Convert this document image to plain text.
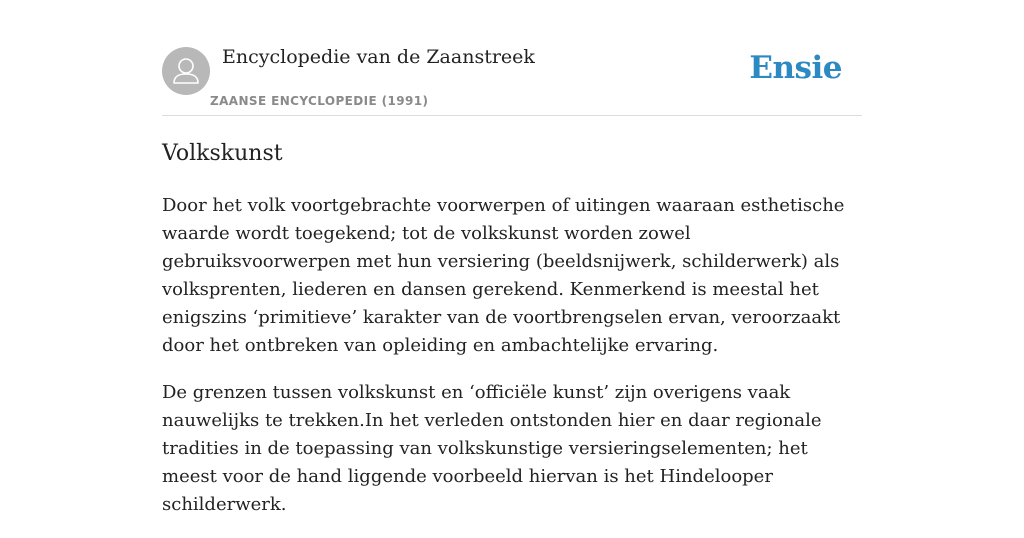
Encyclopedie van de Zaanstreek
ZAANSE ENCYCLOPEDIE (1991)
Ensie
Volkskunst

Door het volk voortgebrachte voorwerpen of uitingen waaraan esthetische waarde wordt toegekend; tot de volkskunst worden zowel gebruiksvoorwerpen met hun versiering (beeldsnijwerk, schilderwerk) als volksprenten, liederen en dansen gerekend. Kenmerkend is meestal het enigszins ‘primitieve’ karakter van de voortbrengselen ervan, veroorzaakt door het ontbreken van opleiding en ambachtelijke ervaring.

De grenzen tussen volkskunst en ‘officiële kunst’ zijn overigens vaak nauwelijks te trekken.In het verleden ontstonden hier en daar regionale tradities in de toepassing van volkskunstige versieringselementen; het meest voor de hand liggende voorbeeld hiervan is het Hindelooper schilderwerk.
